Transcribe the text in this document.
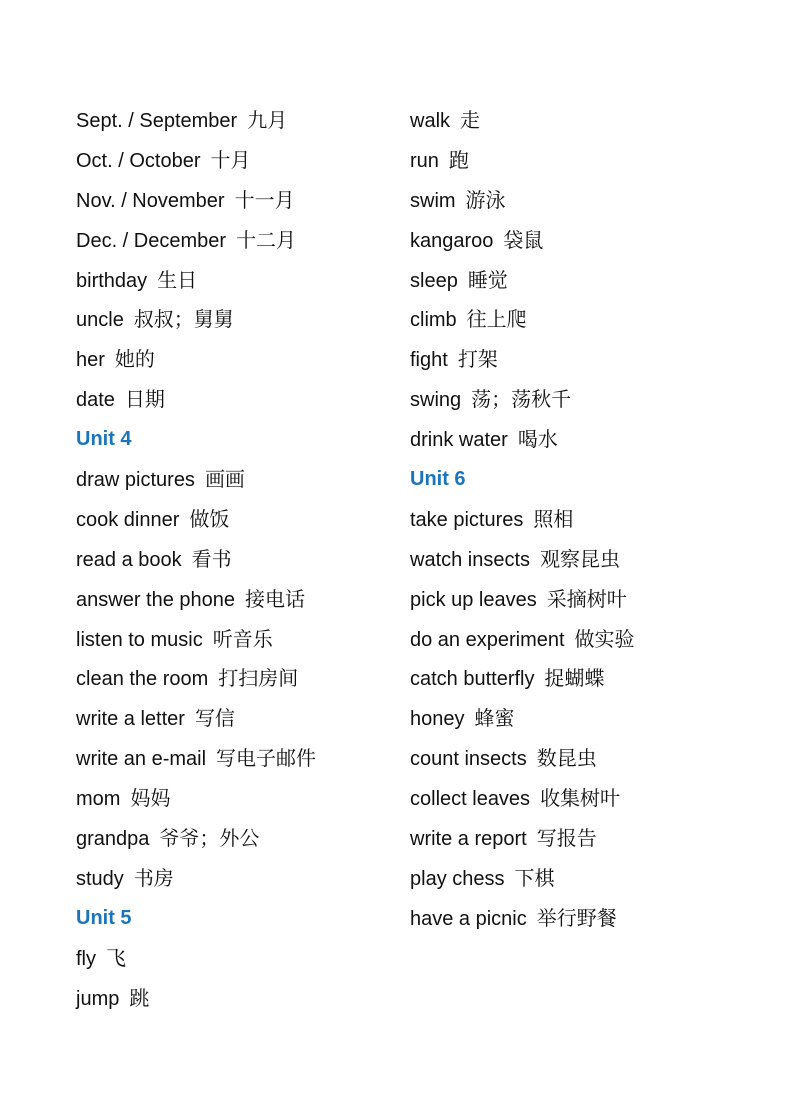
Sept. / September 九月
Oct. / October 十月
Nov. / November 十一月
Dec. / December 十二月
birthday 生日
uncle 叔叔；舅舅
her 她的
date 日期
Unit 4
draw pictures 画画
cook dinner 做饭
read a book 看书
answer the phone 接电话
listen to music 听音乐
clean the room 打扫房间
write a letter 写信
write an e-mail 写电子邮件
mom 妈妈
grandpa 爷爷；外公
study 书房
Unit 5
fly 飞
jump 跳
walk 走
run 跑
swim 游泳
kangaroo 袋鼠
sleep 睡觉
climb 往上爬
fight 打架
swing 荡；荡秋千
drink water 喝水
Unit 6
take pictures 照相
watch insects 观察昆虫
pick up leaves 采摘树叶
do an experiment 做实验
catch butterfly 捉蝴蝶
honey 蜂蜜
count insects 数昆虫
collect leaves 收集树叶
write a report 写报告
play chess 下棋
have a picnic 举行野餐
